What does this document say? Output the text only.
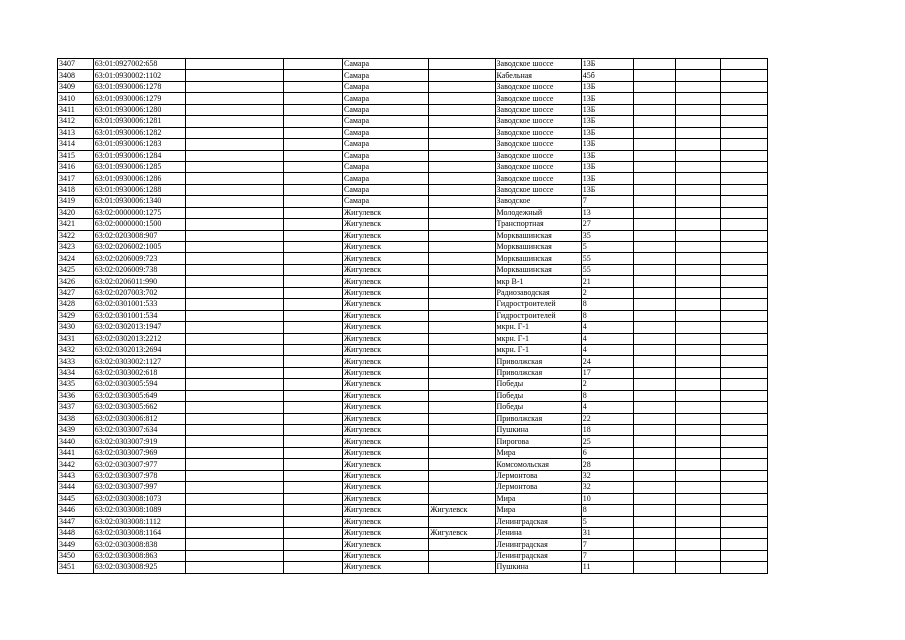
3407	63:01:0927002:658			Самара		Заводское шоссе	13Б			
3408	63:01:0930002:1102			Самара		Кабельная	45б			
3409	63:01:0930006:1278			Самара		Заводское шоссе	13Б			
3410	63:01:0930006:1279			Самара		Заводское шоссе	13Б			
3411	63:01:0930006:1280			Самара		Заводское шоссе	13Б			
3412	63:01:0930006:1281			Самара		Заводское шоссе	13Б			
3413	63:01:0930006:1282			Самара		Заводское шоссе	13Б			
3414	63:01:0930006:1283			Самара		Заводское шоссе	13Б			
3415	63:01:0930006:1284			Самара		Заводское шоссе	13Б			
3416	63:01:0930006:1285			Самара		Заводское шоссе	13Б			
3417	63:01:0930006:1286			Самара		Заводское шоссе	13Б			
3418	63:01:0930006:1288			Самара		Заводское шоссе	13Б			
3419	63:01:0930006:1340			Самара		Заводское	7			
3420	63:02:0000000:1275			Жигулевск		Молодежный	13			
3421	63:02:0000000:1500			Жигулевск		Транспортная	27			
3422	63:02:0203008:907			Жигулевск		Морквашинская	35			
3423	63:02:0206002:1005			Жигулевск		Морквашинская	5			
3424	63:02:0206009:723			Жигулевск		Морквашинская	55			
3425	63:02:0206009:738			Жигулевск		Морквашинская	55			
3426	63:02:0206011:990			Жигулевск		мкр В-1	21			
3427	63:02:0207003:702			Жигулевск		Радиозаводская	2			
3428	63:02:0301001:533			Жигулевск		Гидростроителей	8			
3429	63:02:0301001:534			Жигулевск		Гидростроителей	8			
3430	63:02:0302013:1947			Жигулевск		мкрн. Г-1	4			
3431	63:02:0302013:2212			Жигулевск		мкрн. Г-1	4			
3432	63:02:0302013:2694			Жигулевск		мкрн. Г-1	4			
3433	63:02:0303002:1127			Жигулевск		Приволжская	24			
3434	63:02:0303002:618			Жигулевск		Приволжская	17			
3435	63:02:0303005:594			Жигулевск		Победы	2			
3436	63:02:0303005:649			Жигулевск		Победы	8			
3437	63:02:0303005:662			Жигулевск		Победы	4			
3438	63:02:0303006:812			Жигулевск		Приволжская	22			
3439	63:02:0303007:634			Жигулевск		Пушкина	18			
3440	63:02:0303007:919			Жигулевск		Пирогова	25			
3441	63:02:0303007:969			Жигулевск		Мира	6			
3442	63:02:0303007:977			Жигулевск		Комсомольская	28			
3443	63:02:0303007:978			Жигулевск		Лермонтова	32			
3444	63:02:0303007:997			Жигулевск		Лермонтова	32			
3445	63:02:0303008:1073			Жигулевск		Мира	10			
3446	63:02:0303008:1089			Жигулевск	Жигулевск	Мира	8			
3447	63:02:0303008:1112			Жигулевск		Ленинградская	5			
3448	63:02:0303008:1164			Жигулевск	Жигулевск	Ленина	31			
3449	63:02:0303008:838			Жигулевск		Ленинградская	7			
3450	63:02:0303008:863			Жигулевск		Ленинградская	7			
3451	63:02:0303008:925			Жигулевск		Пушкина	11			
